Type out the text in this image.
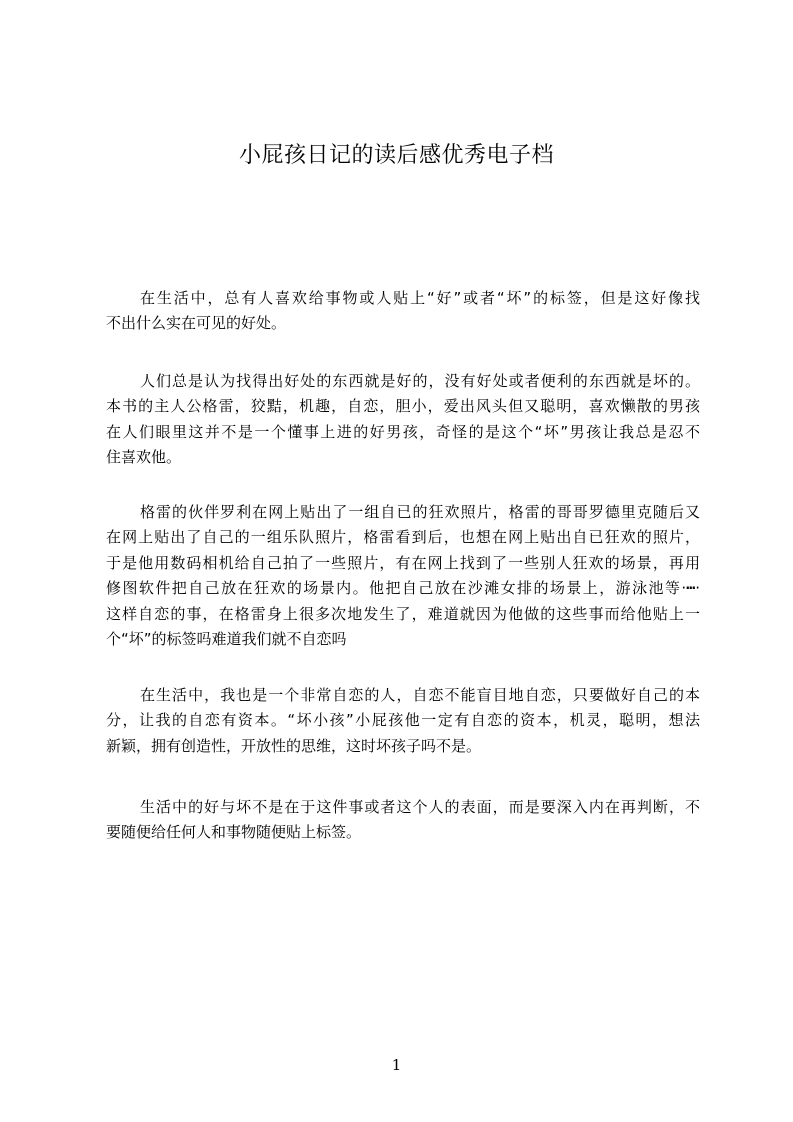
小屁孩日记的读后感优秀电子档
在生活中，总有人喜欢给事物或人贴上“好”或者“坏”的标签，但是这好像找
不出什么实在可见的好处。
人们总是认为找得出好处的东西就是好的，没有好处或者便利的东西就是坏的。
本书的主人公格雷，狡黠，机趣，自恋，胆小，爱出风头但又聪明，喜欢懒散的男孩
在人们眼里这并不是一个懂事上进的好男孩，奇怪的是这个“坏”男孩让我总是忍不
住喜欢他。
格雷的伙伴罗利在网上贴出了一组自已的狂欢照片，格雷的哥哥罗德里克随后又
在网上贴出了自己的一组乐队照片，格雷看到后，也想在网上贴出自已狂欢的照片，
于是他用数码相机给自己拍了一些照片，有在网上找到了一些别人狂欢的场景，再用
修图软件把自己放在狂欢的场景内。他把自己放在沙滩女排的场景上，游泳池等·┅·
这样自恋的事，在格雷身上很多次地发生了，难道就因为他做的这些事而给他贴上一
个“坏”的标签吗难道我们就不自恋吗
在生活中，我也是一个非常自恋的人，自恋不能盲目地自恋，只要做好自己的本
分，让我的自恋有资本。“坏小孩”小屁孩他一定有自恋的资本，机灵，聪明，想法
新颖，拥有创造性，开放性的思维，这时坏孩子吗不是。
生活中的好与坏不是在于这件事或者这个人的表面，而是要深入内在再判断，不
要随便给任何人和事物随便贴上标签。
1
